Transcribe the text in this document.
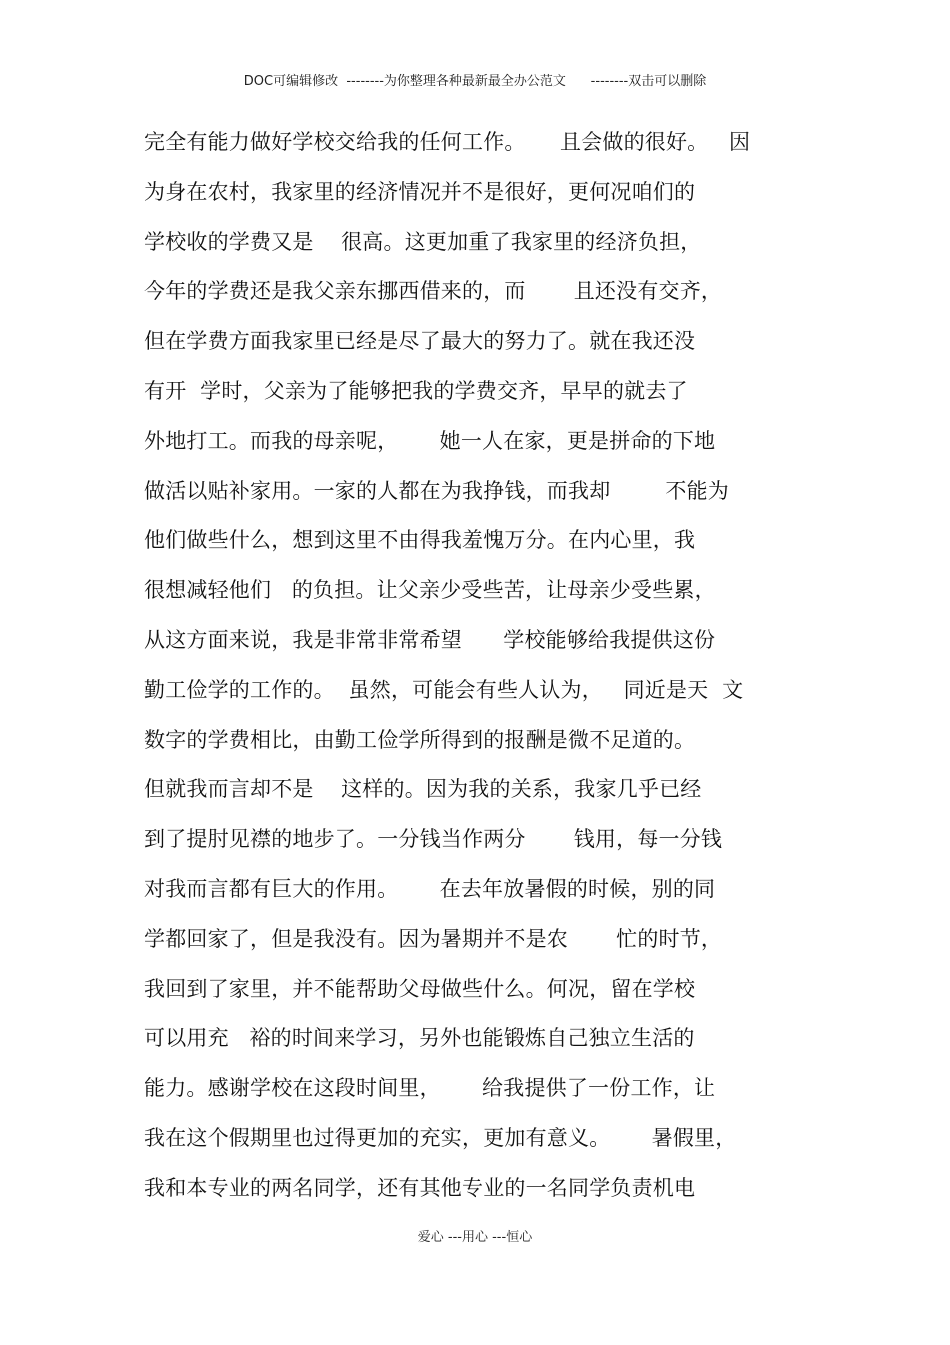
DOC可编辑修改  --------为你整理各种最新最全办公范文      --------双击可以删除
完全有能力做好学校交给我的任何工作。     且会做的很好。   因
为身在农村，我家里的经济情况并不是很好，更何况咱们的
学校收的学费又是    很高。这更加重了我家里的经济负担，
今年的学费还是我父亲东挪西借来的，而       且还没有交齐，
但在学费方面我家里已经是尽了最大的努力了。就在我还没
有开  学时，父亲为了能够把我的学费交齐，早早的就去了
外地打工。而我的母亲呢，      她一人在家，更是拼命的下地
做活以贴补家用。一家的人都在为我挣钱，而我却        不能为
他们做些什么，想到这里不由得我羞愧万分。在内心里，我
很想减轻他们   的负担。让父亲少受些苦，让母亲少受些累，
从这方面来说，我是非常非常希望      学校能够给我提供这份
勤工俭学的工作的。  虽然，可能会有些人认为，   同近是天  文
数字的学费相比，由勤工俭学所得到的报酬是微不足道的。
但就我而言却不是    这样的。因为我的关系，我家几乎已经
到了提肘见襟的地步了。一分钱当作两分       钱用，每一分钱
对我而言都有巨大的作用。      在去年放暑假的时候，别的同
学都回家了，但是我没有。因为暑期并不是农       忙的时节，
我回到了家里，并不能帮助父母做些什么。何况，留在学校
可以用充   裕的时间来学习，另外也能锻炼自己独立生活的
能力。感谢学校在这段时间里，      给我提供了一份工作，让
我在这个假期里也过得更加的充实，更加有意义。      暑假里，
我和本专业的两名同学，还有其他专业的一名同学负责机电
爱心 ---用心 ---恒心
